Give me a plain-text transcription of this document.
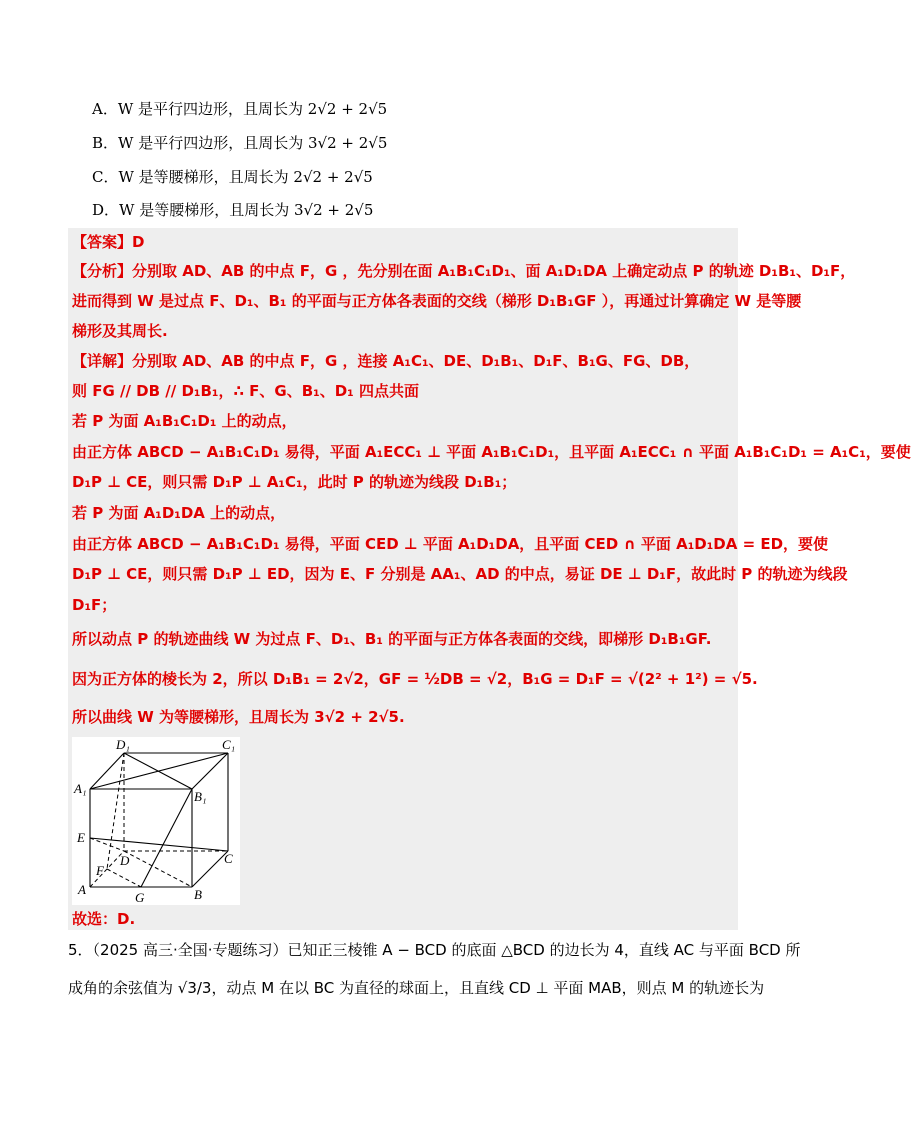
A．W 是平行四边形，且周长为 2√2 + 2√5
B．W 是平行四边形，且周长为 3√2 + 2√5
C．W 是等腰梯形，且周长为 2√2 + 2√5
D．W 是等腰梯形，且周长为 3√2 + 2√5
【答案】D
【分析】分别取 AD、AB 的中点 F，G ，先分别在面 A₁B₁C₁D₁、面 A₁D₁DA 上确定动点 P 的轨迹 D₁B₁、D₁F，
进而得到 W 是过点 F、D₁、B₁ 的平面与正方体各表面的交线（梯形 D₁B₁GF ），再通过计算确定 W 是等腰
梯形及其周长.
【详解】分别取 AD、AB 的中点 F，G ，连接 A₁C₁、DE、D₁B₁、D₁F、B₁G、FG、DB，
则 FG // DB // D₁B₁，∴ F、G、B₁、D₁ 四点共面
若 P 为面 A₁B₁C₁D₁ 上的动点，
由正方体 ABCD − A₁B₁C₁D₁ 易得，平面 A₁ECC₁ ⊥ 平面 A₁B₁C₁D₁，且平面 A₁ECC₁ ∩ 平面 A₁B₁C₁D₁ = A₁C₁，要使
D₁P ⊥ CE，则只需 D₁P ⊥ A₁C₁，此时 P 的轨迹为线段 D₁B₁；
若 P 为面 A₁D₁DA 上的动点，
由正方体 ABCD − A₁B₁C₁D₁ 易得，平面 CED ⊥ 平面 A₁D₁DA，且平面 CED ∩ 平面 A₁D₁DA = ED，要使
D₁P ⊥ CE，则只需 D₁P ⊥ ED，因为 E、F 分别是 AA₁、AD 的中点，易证 DE ⊥ D₁F，故此时 P 的轨迹为线段
D₁F；
所以动点 P 的轨迹曲线 W 为过点 F、D₁、B₁ 的平面与正方体各表面的交线，即梯形 D₁B₁GF.
因为正方体的棱长为 2，所以 D₁B₁ = 2√2，GF = ½DB = √2，B₁G = D₁F = √(2² + 1²) = √5.
所以曲线 W 为等腰梯形，且周长为 3√2 + 2√5.
D₁	C₁
A₁
B₁
E
C
D
F
A
G	B
故选：D.
5．（2025 高三·全国·专题练习）已知正三棱锥 A − BCD 的底面 △BCD 的边长为 4，直线 AC 与平面 BCD 所
成角的余弦值为 √3/3，动点 M 在以 BC 为直径的球面上，且直线 CD ⊥ 平面 MAB，则点 M 的轨迹长为
